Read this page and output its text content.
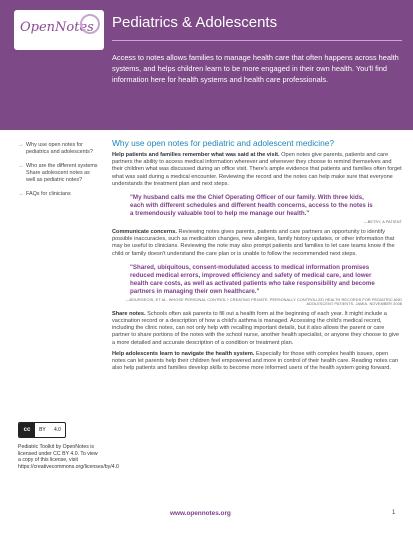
OpenNotes Pediatrics & Adolescents
Access to notes allows families to manage health care that often happens across health systems, and helps children learn to be more engaged in their own health. You'll find information here for health systems and health care professionals.
→ Why use open notes for pediatrics and adolescents?
→ Who are the different systems Share adolescent notes as well as pediatric notes?
→ FAQs for clinicians
cc	BY 4.0
Pediatric Toolkit by OpenNotes is licensed under CC BY 4.0. To view a copy of this license, visit https://creativecommons.org/licenses/by/4.0
Why use open notes for pediatric and adolescent medicine?

Help patients and families remember what was said at the visit. Open notes give parents, patients and care partners the ability to access medical information wherever and whenever they choose to remind themselves and their children what was discussed during an office visit. There's ample evidence that patients and families often forget what was said during a medical encounter. Reviewing the record and the notes can help make sure that everyone understands the treatment plan and next steps.

"My husband calls me the Chief Operating Officer of our family. With three kids, each with different schedules and different health concerns, access to the notes is a tremendously valuable tool to help me manage our health."
—BETSY, A PATIENT

Communicate concerns. Reviewing notes gives parents, patients and care partners an opportunity to identify possible inaccuracies, such as medication changes, new allergies, family history updates, or other information that may be useful to clinicians. Reviewing the note may also prompt patients and families to let care teams know if the child or family doesn't understand the care plan or is unable to follow the recommended next steps.

"Shared, ubiquitous, consent-modulated access to medical information promises reduced medical errors, improved efficiency and safety of medical care, and lower health care costs, as well as activated patients who take responsibility and become partners in managing their own healthcare."
—BOURGEOIS, ET AL. WHOSE PERSONAL CONTROL? CREATING PRIVATE, PERSONALLY CONTROLLED HEALTH RECORDS FOR PEDIATRIC AND ADOLESCENT PATIENTS. JAMIA. NOVEMBER 2008

Share notes. Schools often ask parents to fill out a health form at the beginning of each year. It might include a vaccination record or a description of how a child's asthma is managed. Accessing the child's medical record, including the clinic notes, can not only help with recalling important details, but it also allows the parent or care partner to share portions of the notes with the school nurse, another health specialist, or anyone they choose to give a more detailed and accurate description of a condition or treatment plan.

Help adolescents learn to navigate the health system. Especially for those with complex health issues, open notes can let parents help their children feel empowered and more in control of their health care. Reading notes can also help patients and families develop skills to become more informed users of the health system going forward.

www.opennotes.org	1
